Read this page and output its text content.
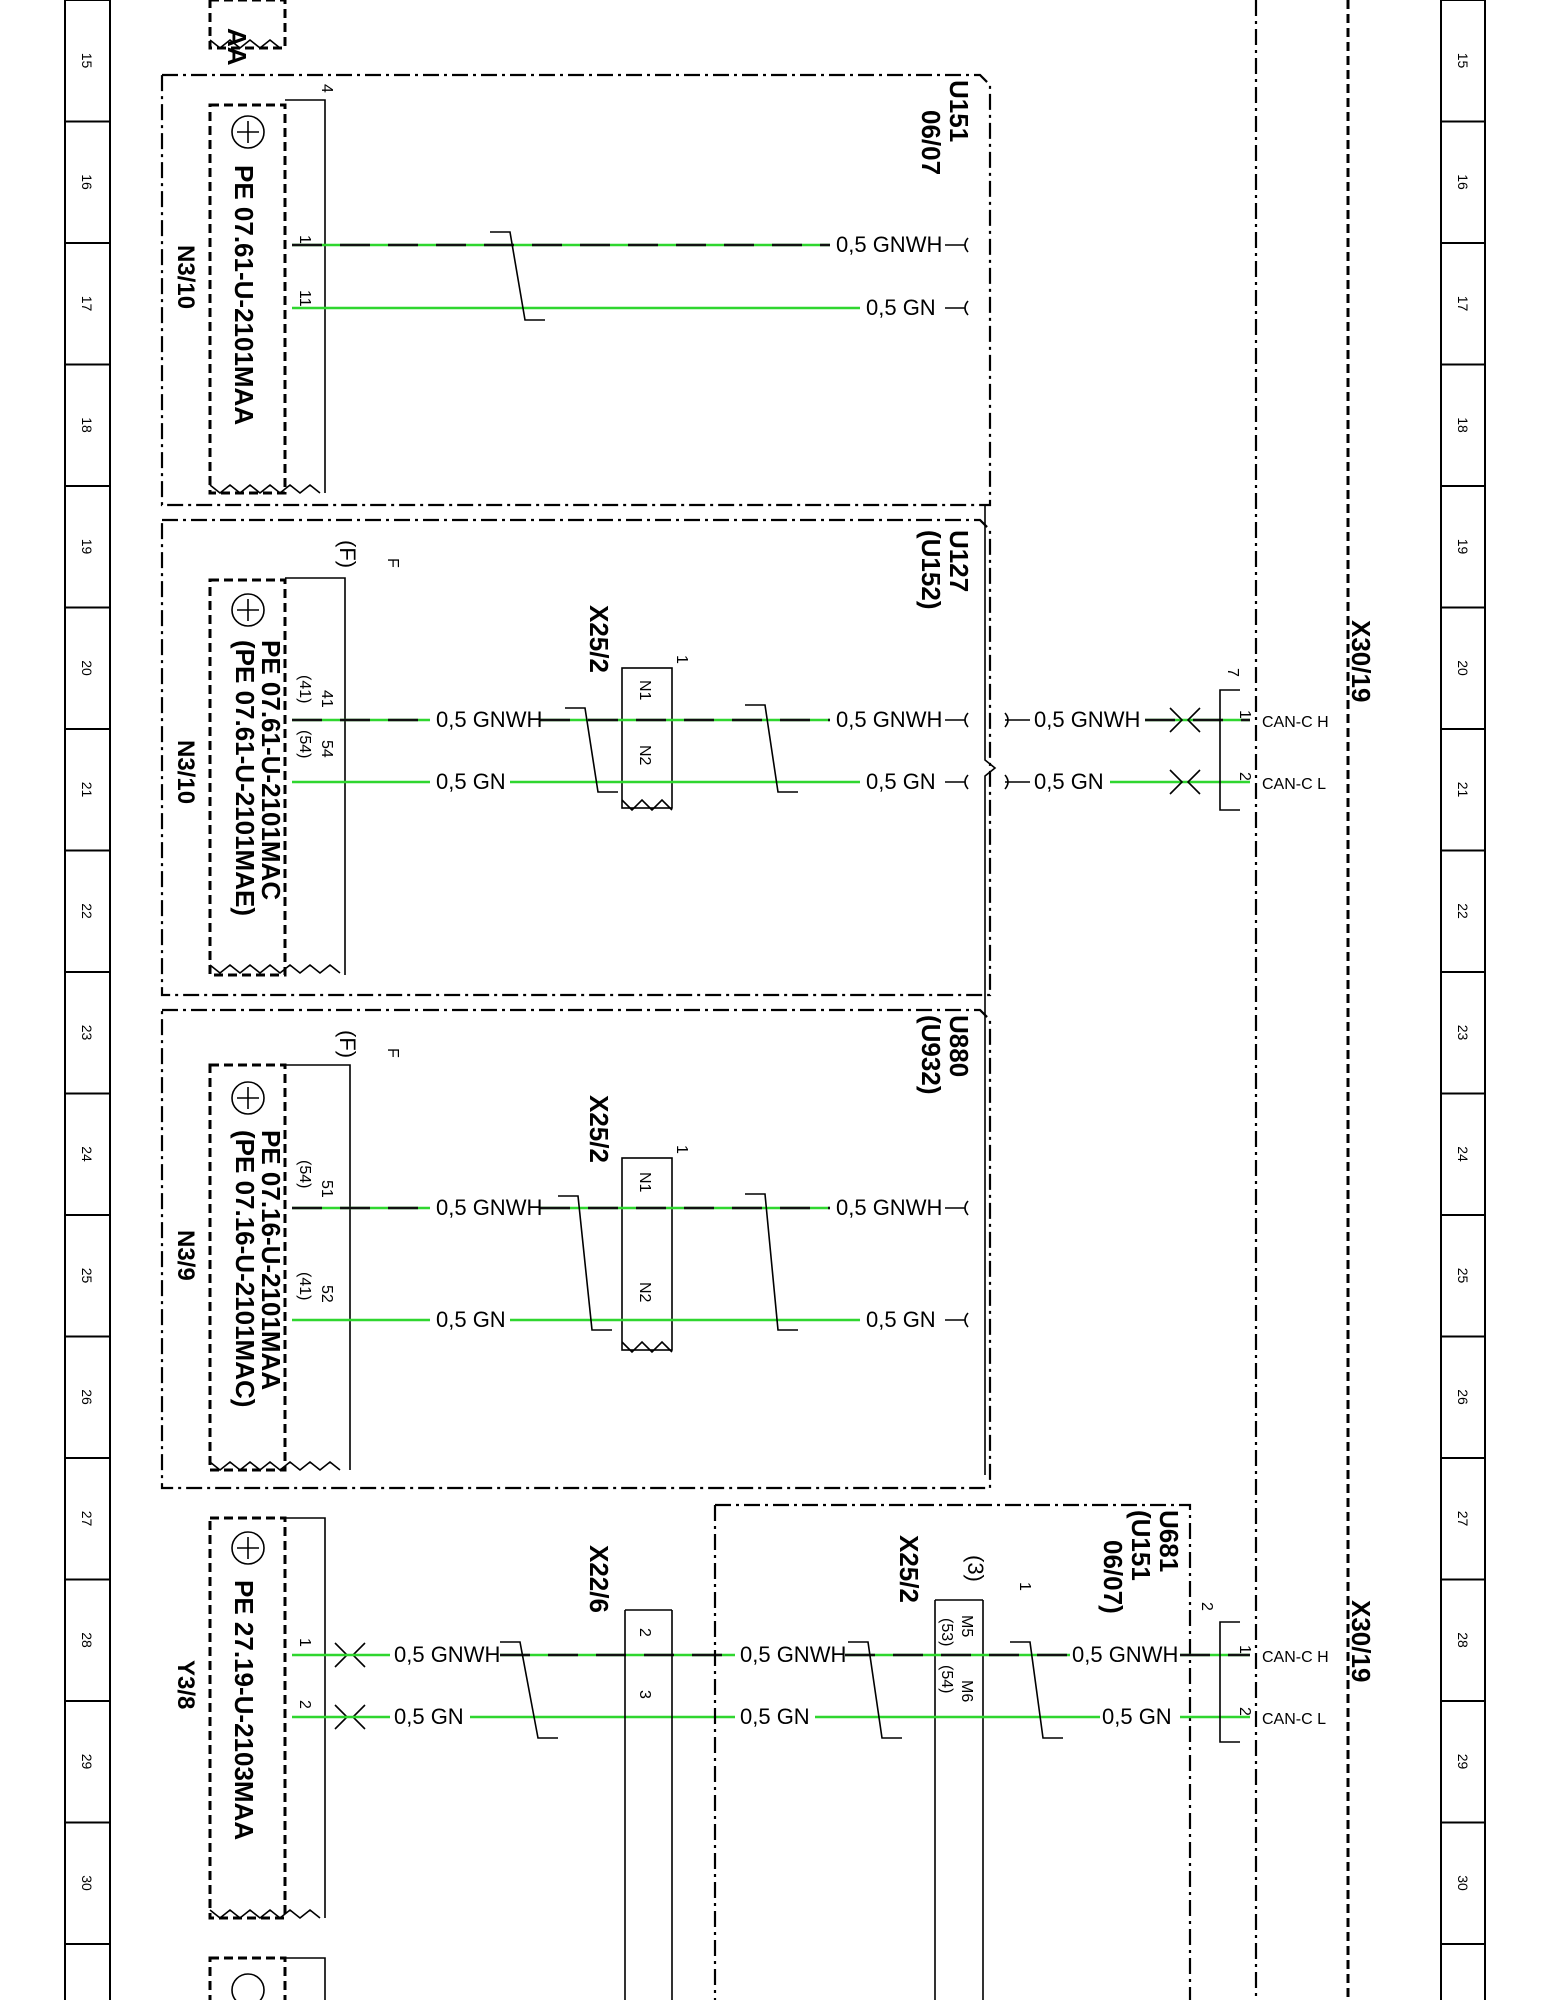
AA
X30/19
X30/19
PE 07.61-U-2101MAA
N3/10
U151
06/07
4
1
11
0,5 GNWH
0,5 GN
PE 07.61-U-2101MAC
(PE 07.61-U-2101MAE)
N3/10
U127
(U152)
F
(F)
41
(41)
54
(54)
X25/2	1
N1
N2
0,5 GNWH
0,5 GN
0,5 GNWH
0,5 GN
0,5 GNWH
0,5 GN
7
1
2
CAN-C H
CAN-C L
PE 07.16-U-2101MAA
(PE 07.16-U-2101MAC)
N3/9
U880
(U932)
F
(F)
51
(54)
52
(41)
X25/2	1
N1
N2
0,5 GNWH
0,5 GN
0,5 GNWH
0,5 GN
PE 27.19-U-2103MAA
Y3/8
1
2
0,5 GNWH
0,5 GN
X22/6
2
3
U681
(U151
06/07)
X25/2	1
(3)
M5
(53)
M6
(54)
0,5 GNWH
0,5 GN
0,5 GNWH
0,5 GN
2
1
2
CAN-C H
CAN-C L
15	15
16	16
17	17
18	18
19	19
20	20
21	21
22	22
23	23
24	24
25	25
26	26
27	27
28	28
29	29
30	30
